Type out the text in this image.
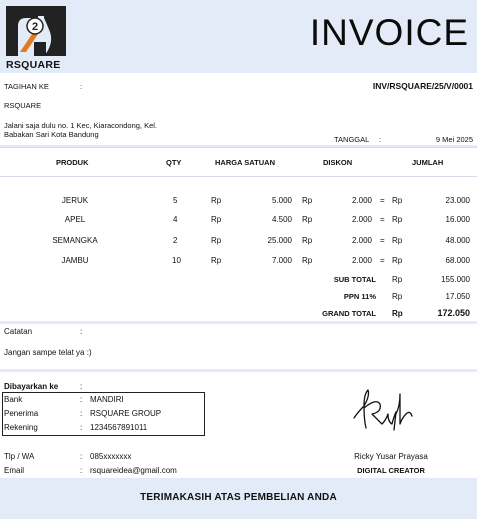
2
RSQUARE
INVOICE
TAGIHAN KE	:	INV/RSQUARE/25/V/0001
RSQUARE
Jalani saja dulu no. 1 Kec, Kiaracondong, Kel.
Babakan Sari Kota Bandung
TANGGAL :	9 Mei 2025
PRODUK	QTY	HARGA SATUAN	DISKON	JUMLAH
JERUK	5	Rp	5.000 Rp	2.000 = Rp	23.000
APEL	4	Rp	4.500 Rp	2.000 = Rp	16.000
SEMANGKA	2	Rp	25.000 Rp	2.000 = Rp	48.000
JAMBU	10	Rp	7.000 Rp	2.000 = Rp	68.000
SUB TOTAL Rp	155.000
PPN 11% Rp	17.050
GRAND TOTAL Rp	172.050
Catatan	:
Jangan sampe telat ya :)
Dibayarkan ke	:
Bank	: MANDIRI
Penerima	: RSQUARE GROUP
Rekening	: 1234567891011
Ricky Yusar Prayasa
DIGITAL CREATOR
Tlp / WA	: 085xxxxxxx
Email	: rsquareidea@gmail.com
TERIMAKASIH ATAS PEMBELIAN ANDA
